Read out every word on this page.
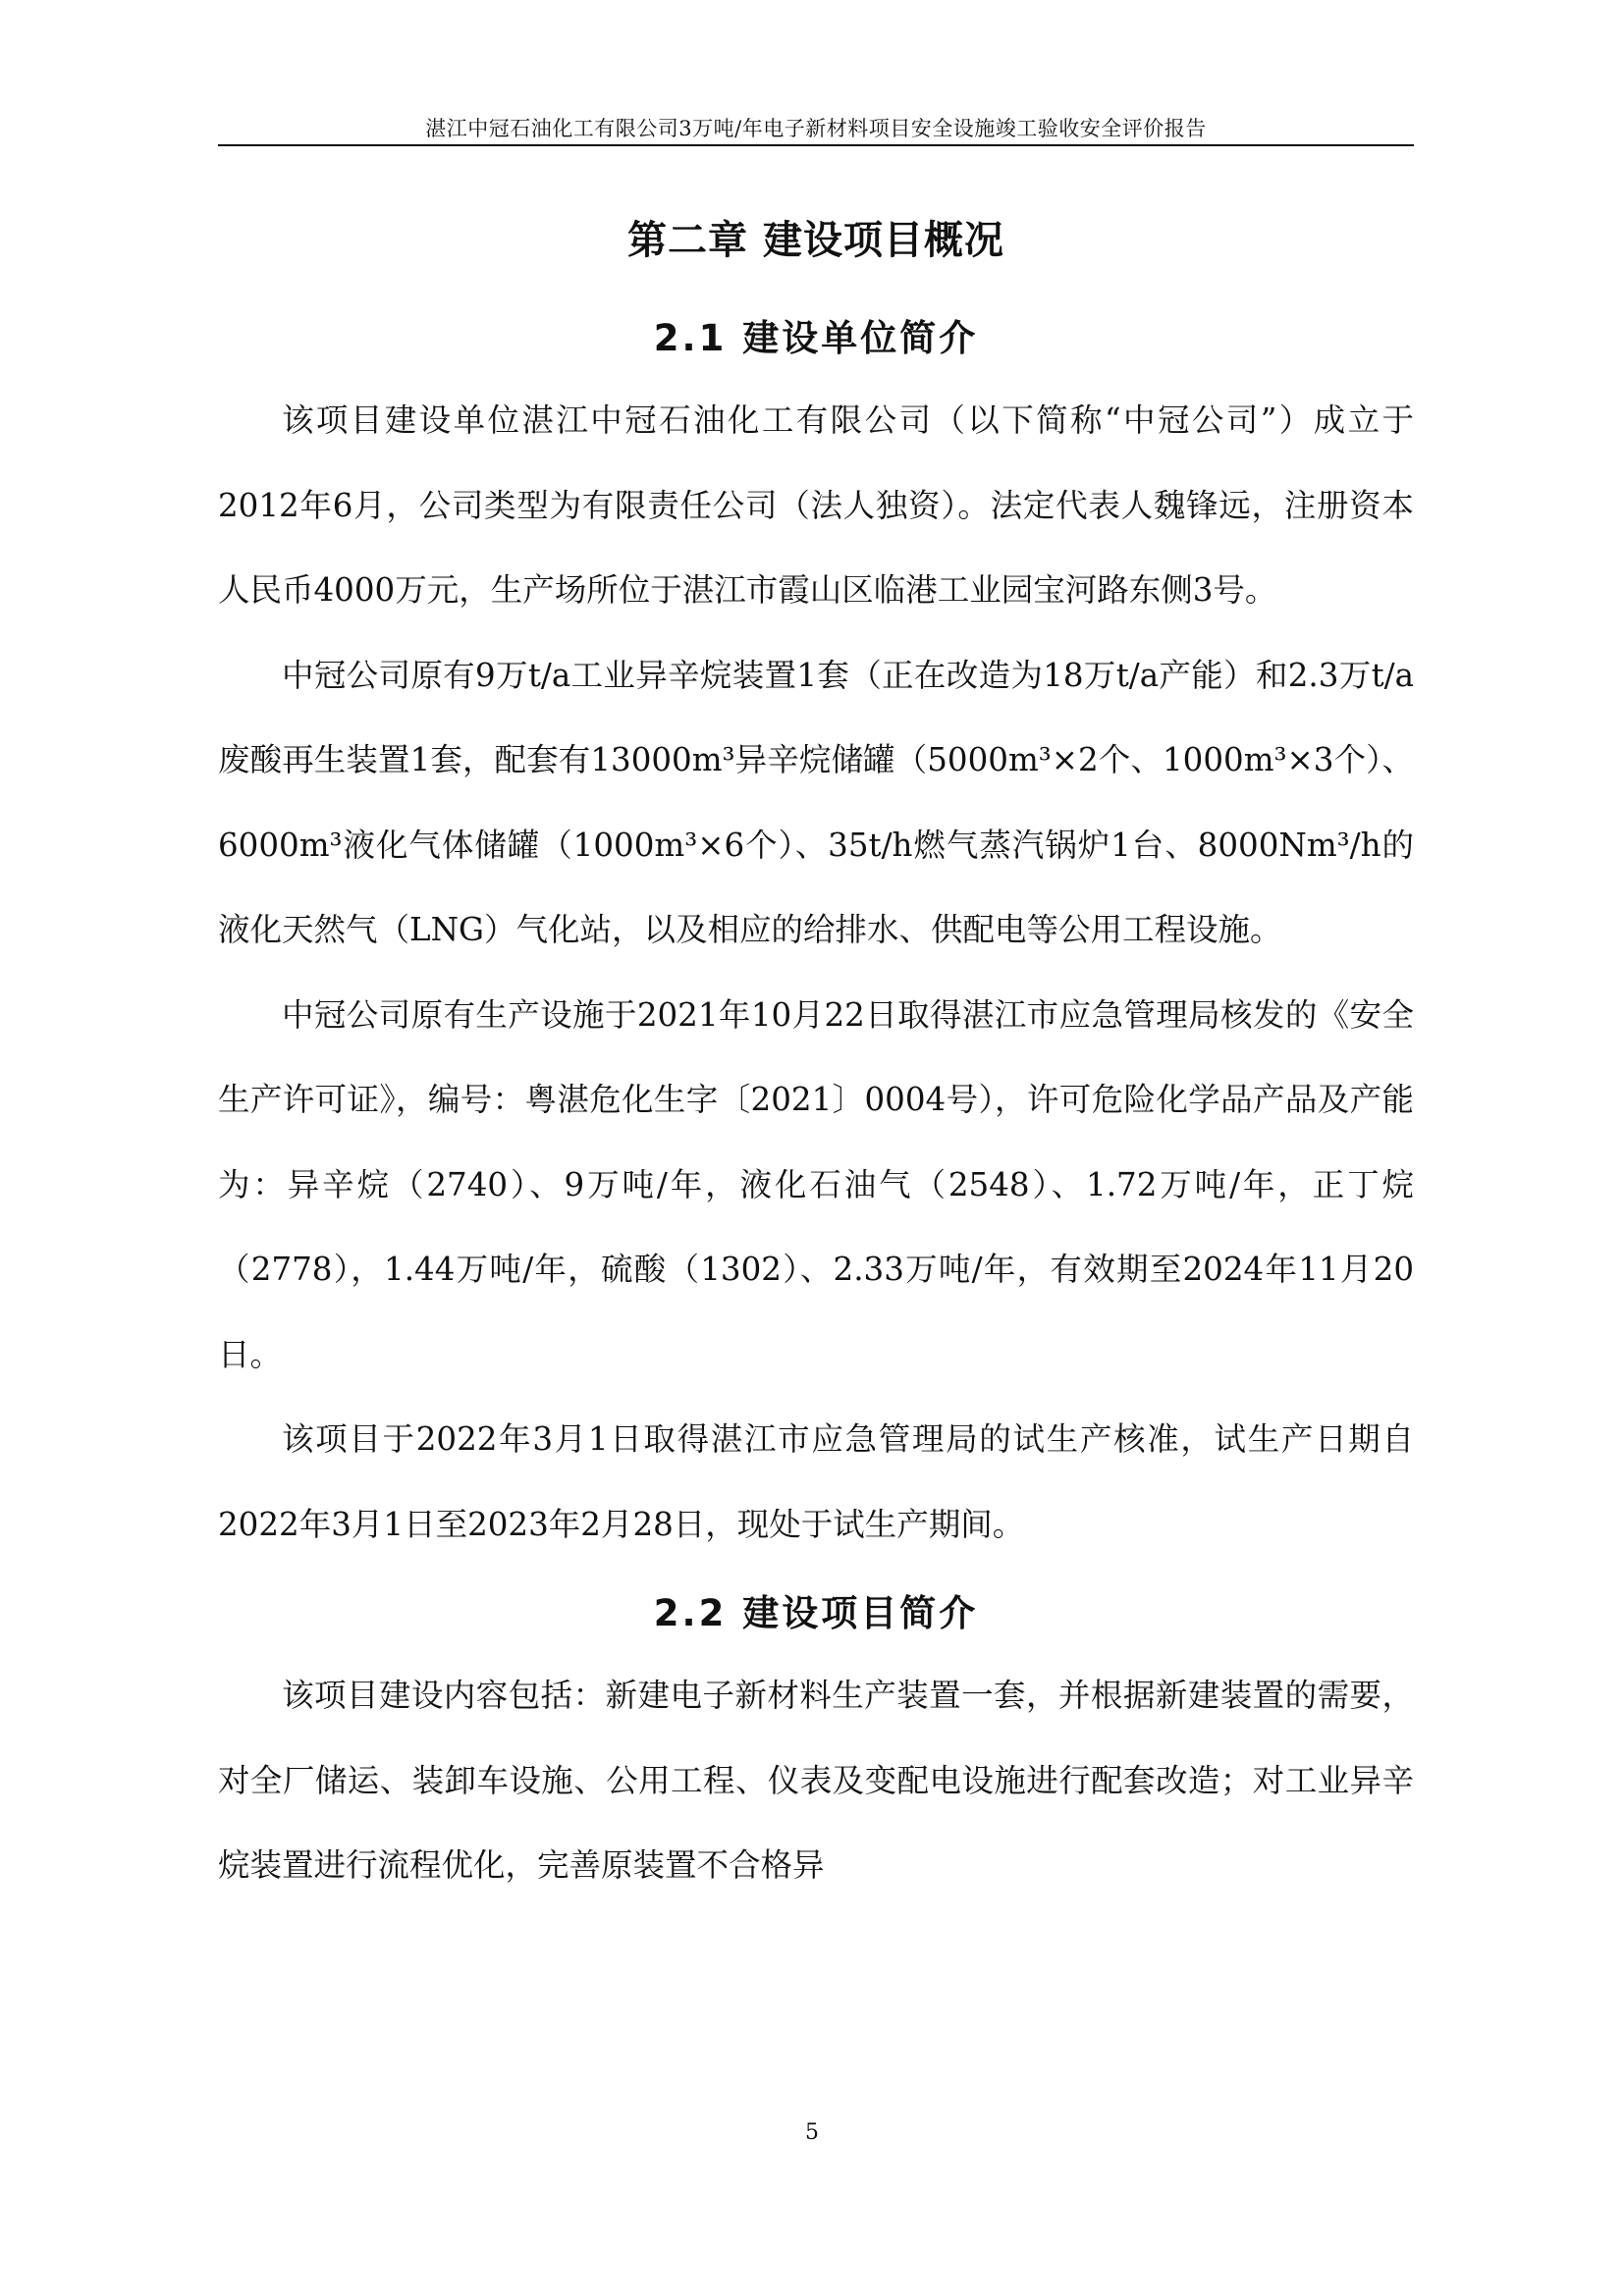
湛江中冠石油化工有限公司3万吨/年电子新材料项目安全设施竣工验收安全评价报告
第二章 建设项目概况
2.1 建设单位简介

该项目建设单位湛江中冠石油化工有限公司（以下简称“中冠公司”）成立于2012年6月，公司类型为有限责任公司（法人独资）。法定代表人魏锋远，注册资本人民币4000万元，生产场所位于湛江市霞山区临港工业园宝河路东侧3号。

中冠公司原有9万t/a工业异辛烷装置1套（正在改造为18万t/a产能）和2.3万t/a废酸再生装置1套，配套有13000m³异辛烷储罐（5000m³×2个、1000m³×3个）、6000m³液化气体储罐（1000m³×6个）、35t/h燃气蒸汽锅炉1台、8000Nm³/h的液化天然气（LNG）气化站，以及相应的给排水、供配电等公用工程设施。

中冠公司原有生产设施于2021年10月22日取得湛江市应急管理局核发的《安全生产许可证》，编号：粤湛危化生字〔2021〕0004号），许可危险化学品产品及产能为：异辛烷（2740）、9万吨/年，液化石油气（2548）、1.72万吨/年，正丁烷（2778），1.44万吨/年，硫酸（1302）、2.33万吨/年，有效期至2024年11月20日。

该项目于2022年3月1日取得湛江市应急管理局的试生产核准，试生产日期自2022年3月1日至2023年2月28日，现处于试生产期间。

2.2 建设项目简介

该项目建设内容包括：新建电子新材料生产装置一套，并根据新建装置的需要，对全厂储运、装卸车设施、公用工程、仪表及变配电设施进行配套改造；对工业异辛烷装置进行流程优化，完善原装置不合格异

5
